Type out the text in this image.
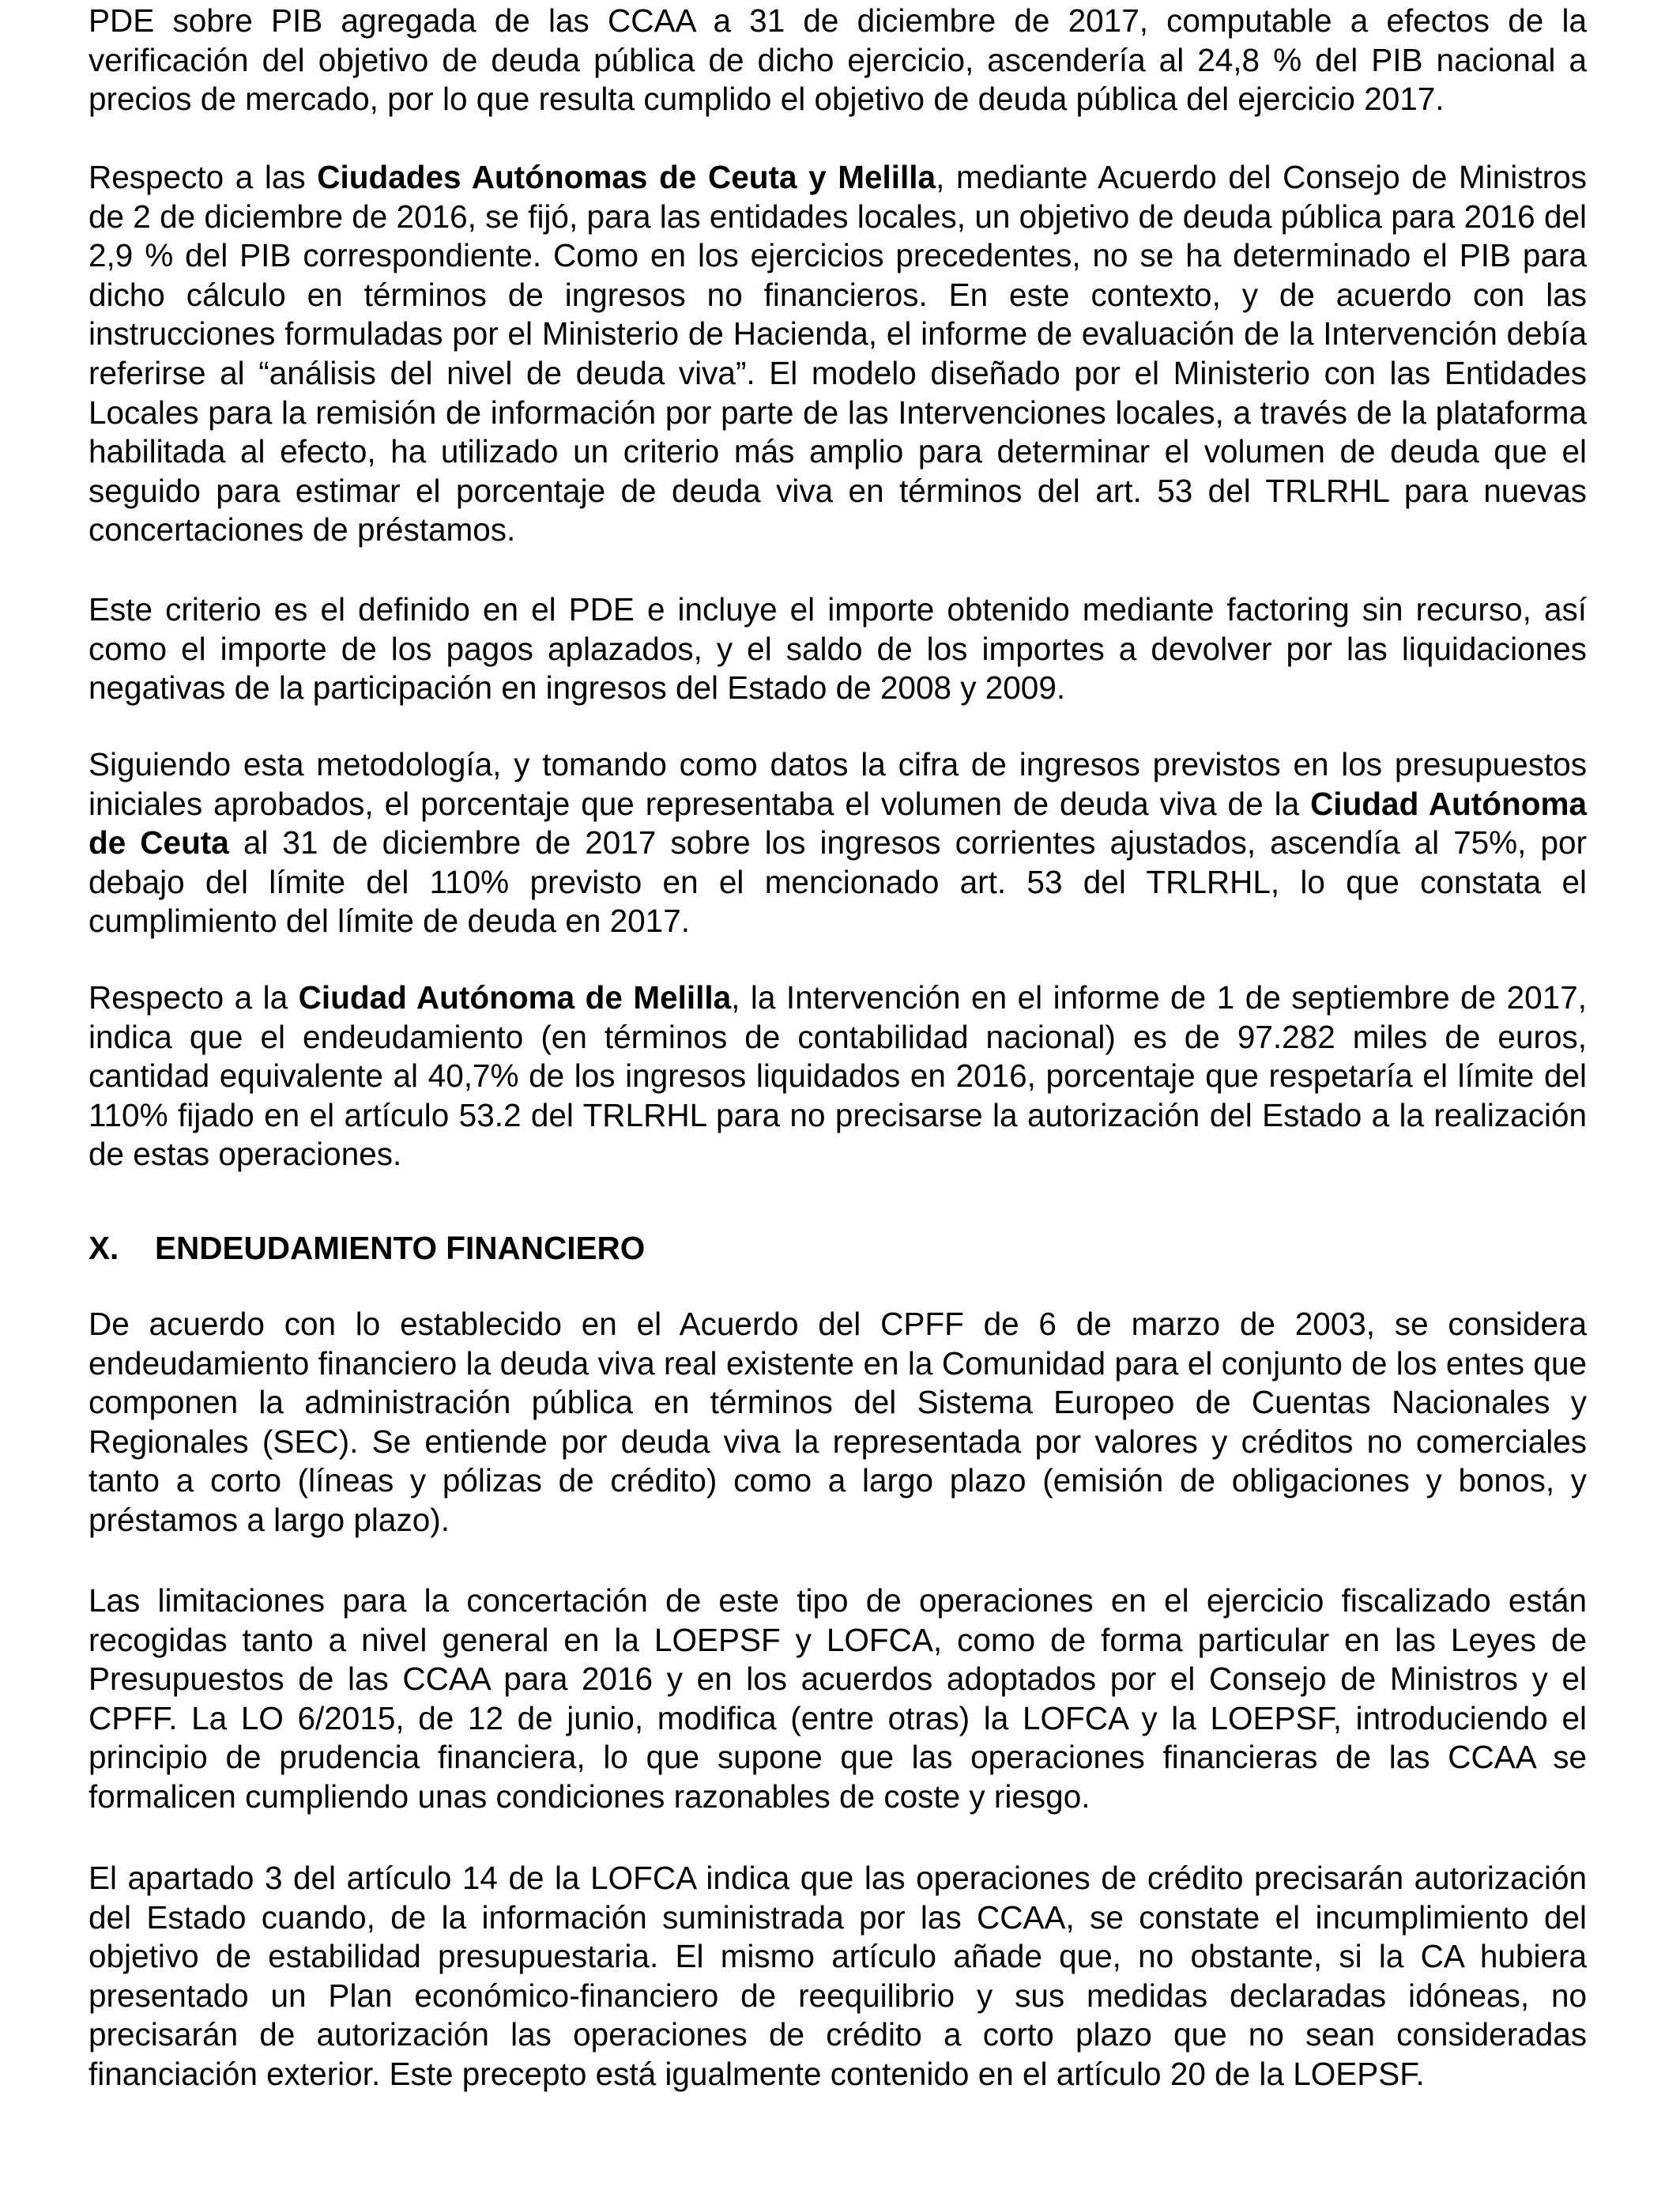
PDE sobre PIB agregada de las CCAA a 31 de diciembre de 2017, computable a efectos de la verificación del objetivo de deuda pública de dicho ejercicio, ascendería al 24,8 % del PIB nacional a precios de mercado, por lo que resulta cumplido el objetivo de deuda pública del ejercicio 2017.

Respecto a las Ciudades Autónomas de Ceuta y Melilla, mediante Acuerdo del Consejo de Ministros de 2 de diciembre de 2016, se fijó, para las entidades locales, un objetivo de deuda pública para 2016 del 2,9 % del PIB correspondiente. Como en los ejercicios precedentes, no se ha determinado el PIB para dicho cálculo en términos de ingresos no financieros. En este contexto, y de acuerdo con las instrucciones formuladas por el Ministerio de Hacienda, el informe de evaluación de la Intervención debía referirse al “análisis del nivel de deuda viva”. El modelo diseñado por el Ministerio con las Entidades Locales para la remisión de información por parte de las Intervenciones locales, a través de la plataforma habilitada al efecto, ha utilizado un criterio más amplio para determinar el volumen de deuda que el seguido para estimar el porcentaje de deuda viva en términos del art. 53 del TRLRHL para nuevas concertaciones de préstamos.

Este criterio es el definido en el PDE e incluye el importe obtenido mediante factoring sin recurso, así como el importe de los pagos aplazados, y el saldo de los importes a devolver por las liquidaciones negativas de la participación en ingresos del Estado de 2008 y 2009.

Siguiendo esta metodología, y tomando como datos la cifra de ingresos previstos en los presupuestos iniciales aprobados, el porcentaje que representaba el volumen de deuda viva de la Ciudad Autónoma de Ceuta al 31 de diciembre de 2017 sobre los ingresos corrientes ajustados, ascendía al 75%, por debajo del límite del 110% previsto en el mencionado art. 53 del TRLRHL, lo que constata el cumplimiento del límite de deuda en 2017.

Respecto a la Ciudad Autónoma de Melilla, la Intervención en el informe de 1 de septiembre de 2017, indica que el endeudamiento (en términos de contabilidad nacional) es de 97.282 miles de euros, cantidad equivalente al 40,7% de los ingresos liquidados en 2016, porcentaje que respetaría el límite del 110% fijado en el artículo 53.2 del TRLRHL para no precisarse la autorización del Estado a la realización de estas operaciones.

X.	ENDEUDAMIENTO FINANCIERO

De acuerdo con lo establecido en el Acuerdo del CPFF de 6 de marzo de 2003, se considera endeudamiento financiero la deuda viva real existente en la Comunidad para el conjunto de los entes que componen la administración pública en términos del Sistema Europeo de Cuentas Nacionales y Regionales (SEC). Se entiende por deuda viva la representada por valores y créditos no comerciales tanto a corto (líneas y pólizas de crédito) como a largo plazo (emisión de obligaciones y bonos, y préstamos a largo plazo).

Las limitaciones para la concertación de este tipo de operaciones en el ejercicio fiscalizado están recogidas tanto a nivel general en la LOEPSF y LOFCA, como de forma particular en las Leyes de Presupuestos de las CCAA para 2016 y en los acuerdos adoptados por el Consejo de Ministros y el CPFF. La LO 6/2015, de 12 de junio, modifica (entre otras) la LOFCA y la LOEPSF, introduciendo el principio de prudencia financiera, lo que supone que las operaciones financieras de las CCAA se formalicen cumpliendo unas condiciones razonables de coste y riesgo.

El apartado 3 del artículo 14 de la LOFCA indica que las operaciones de crédito precisarán autorización del Estado cuando, de la información suministrada por las CCAA, se constate el incumplimiento del objetivo de estabilidad presupuestaria. El mismo artículo añade que, no obstante, si la CA hubiera presentado un Plan económico-financiero de reequilibrio y sus medidas declaradas idóneas, no precisarán de autorización las operaciones de crédito a corto plazo que no sean consideradas financiación exterior. Este precepto está igualmente contenido en el artículo 20 de la LOEPSF.
